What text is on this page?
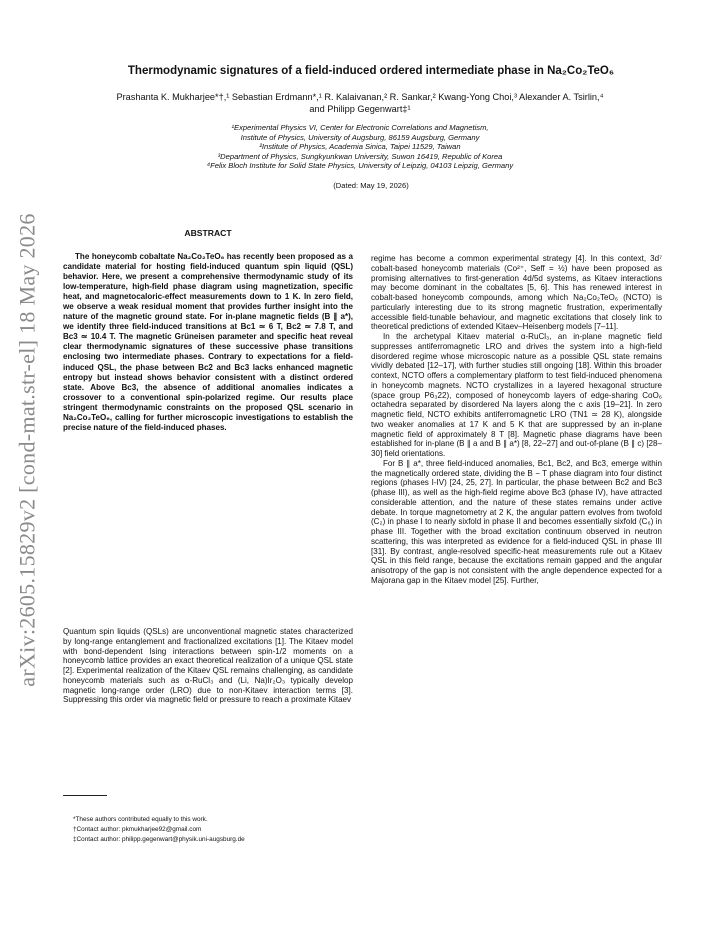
arXiv:2605.15829v2 [cond-mat.str-el] 18 May 2026
Thermodynamic signatures of a field-induced ordered intermediate phase in Na₂Co₂TeO₆
Prashanta K. Mukharjee*†,¹ Sebastian Erdmann*,¹ R. Kalaivanan,² R. Sankar,² Kwang-Yong Choi,³ Alexander A. Tsirlin,⁴ and Philipp Gegenwart‡¹
¹Experimental Physics VI, Center for Electronic Correlations and Magnetism,
Institute of Physics, University of Augsburg, 86159 Augsburg, Germany
²Institute of Physics, Academia Sinica, Taipei 11529, Taiwan
³Department of Physics, Sungkyunkwan University, Suwon 16419, Republic of Korea
⁴Felix Bloch Institute for Solid State Physics, University of Leipzig, 04103 Leipzig, Germany
(Dated: May 19, 2026)
ABSTRACT

The honeycomb cobaltate Na₂Co₂TeO₆ has recently been proposed as a candidate material for hosting field-induced quantum spin liquid (QSL) behavior. Here, we present a comprehensive thermodynamic study of its low-temperature, high-field phase diagram using magnetization, specific heat, and magnetocaloric-effect measurements down to 1 K. In zero field, we observe a weak residual moment that provides further insight into the nature of the magnetic ground state. For in-plane magnetic fields (B ∥ a*), we identify three field-induced transitions at Bc1 ≃ 6 T, Bc2 ≃ 7.8 T, and Bc3 ≃ 10.4 T. The magnetic Grüneisen parameter and specific heat reveal clear thermodynamic signatures of these successive phase transitions enclosing two intermediate phases. Contrary to expectations for a field-induced QSL, the phase between Bc2 and Bc3 lacks enhanced magnetic entropy but instead shows behavior consistent with a distinct ordered state. Above Bc3, the absence of additional anomalies indicates a crossover to a conventional spin-polarized regime. Our results place stringent thermodynamic constraints on the proposed QSL scenario in Na₂Co₂TeO₆, calling for further microscopic investigations to establish the precise nature of the field-induced phases.

Quantum spin liquids (QSLs) are unconventional magnetic states characterized by long-range entanglement and fractionalized excitations [1]. The Kitaev model with bond-dependent Ising interactions between spin-1/2 moments on a honeycomb lattice provides an exact theoretical realization of a unique QSL state [2]. Experimental realization of the Kitaev QSL remains challenging, as candidate honeycomb materials such as α-RuCl₃ and (Li, Na)Ir₂O₃ typically develop magnetic long-range order (LRO) due to non-Kitaev interaction terms [3]. Suppressing this order via magnetic field or pressure to reach a proximate Kitaev

*These authors contributed equally to this work.
†Contact author: pkmukharjee92@gmail.com
‡Contact author: philipp.gegenwart@physik.uni-augsburg.de

regime has become a common experimental strategy [4]. In this context, 3d⁷ cobalt-based honeycomb materials (Co²⁺, Seff = ½) have been proposed as promising alternatives to first-generation 4d/5d systems, as Kitaev interactions may become dominant in the cobaltates [5, 6]. This has renewed interest in cobalt-based honeycomb compounds, among which Na₂Co₂TeO₆ (NCTO) is particularly interesting due to its strong magnetic frustration, experimentally accessible field-tunable behaviour, and magnetic excitations that closely link to theoretical predictions of extended Kitaev–Heisenberg models [7–11].

In the archetypal Kitaev material α-RuCl₃, an in-plane magnetic field suppresses antiferromagnetic LRO and drives the system into a high-field disordered regime whose microscopic nature as a possible QSL state remains vividly debated [12–17], with further studies still ongoing [18]. Within this broader context, NCTO offers a complementary platform to test field-induced phenomena in honeycomb magnets. NCTO crystallizes in a layered hexagonal structure (space group P6₃22), composed of honeycomb layers of edge-sharing CoO₆ octahedra separated by disordered Na layers along the c axis [19–21]. In zero magnetic field, NCTO exhibits antiferromagnetic LRO (TN1 ≃ 28 K), alongside two weaker anomalies at 17 K and 5 K that are suppressed by an in-plane magnetic field of approximately 8 T [8]. Magnetic phase diagrams have been established for in-plane (B ∥ a and B ∥ a*) [8, 22–27] and out-of-plane (B ∥ c) [28–30] field orientations.

For B ∥ a*, three field-induced anomalies, Bc1, Bc2, and Bc3, emerge within the magnetically ordered state, dividing the B − T phase diagram into four distinct regions (phases I-IV) [24, 25, 27]. In particular, the phase between Bc2 and Bc3 (phase III), as well as the high-field regime above Bc3 (phase IV), have attracted considerable attention, and the nature of these states remains under active debate. In torque magnetometry at 2 K, the angular pattern evolves from twofold (C₂) in phase I to nearly sixfold in phase II and becomes essentially sixfold (C₆) in phase III. Together with the broad excitation continuum observed in neutron scattering, this was interpreted as evidence for a field-induced QSL in phase III [31]. By contrast, angle-resolved specific-heat measurements rule out a Kitaev QSL in this field range, because the excitations remain gapped and the angular anisotropy of the gap is not consistent with the angle dependence expected for a Majorana gap in the Kitaev model [25]. Further,
